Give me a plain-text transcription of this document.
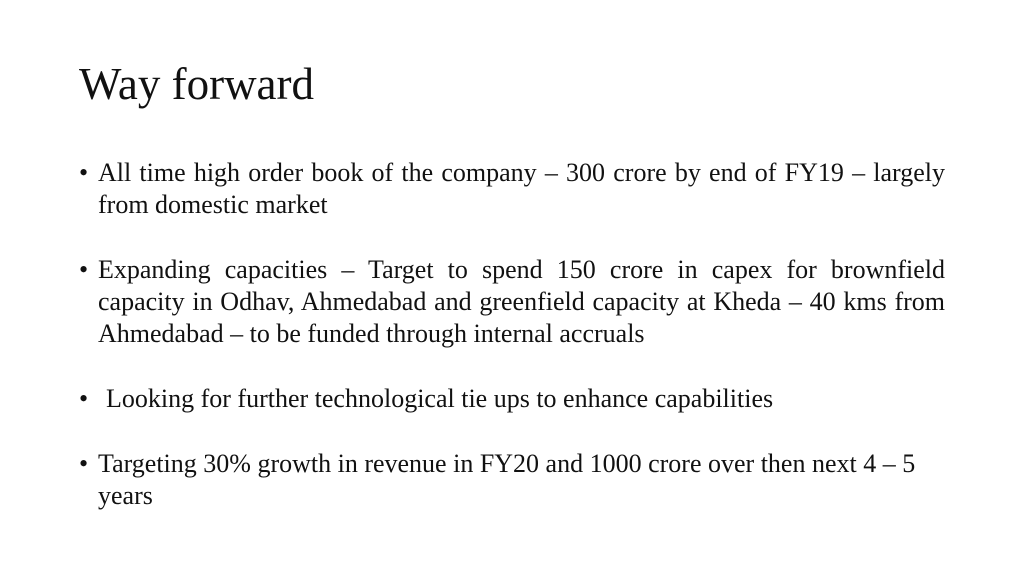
Way forward
• All time high order book of the company – 300 crore by end of FY19 – largely from domestic market
• Expanding capacities – Target to spend 150 crore in capex for brownfield capacity in Odhav, Ahmedabad and greenfield capacity at Kheda – 40 kms from Ahmedabad – to be funded through internal accruals
• Looking for further technological tie ups to enhance capabilities
• Targeting 30% growth in revenue in FY20 and 1000 crore over then next 4 – 5 years
